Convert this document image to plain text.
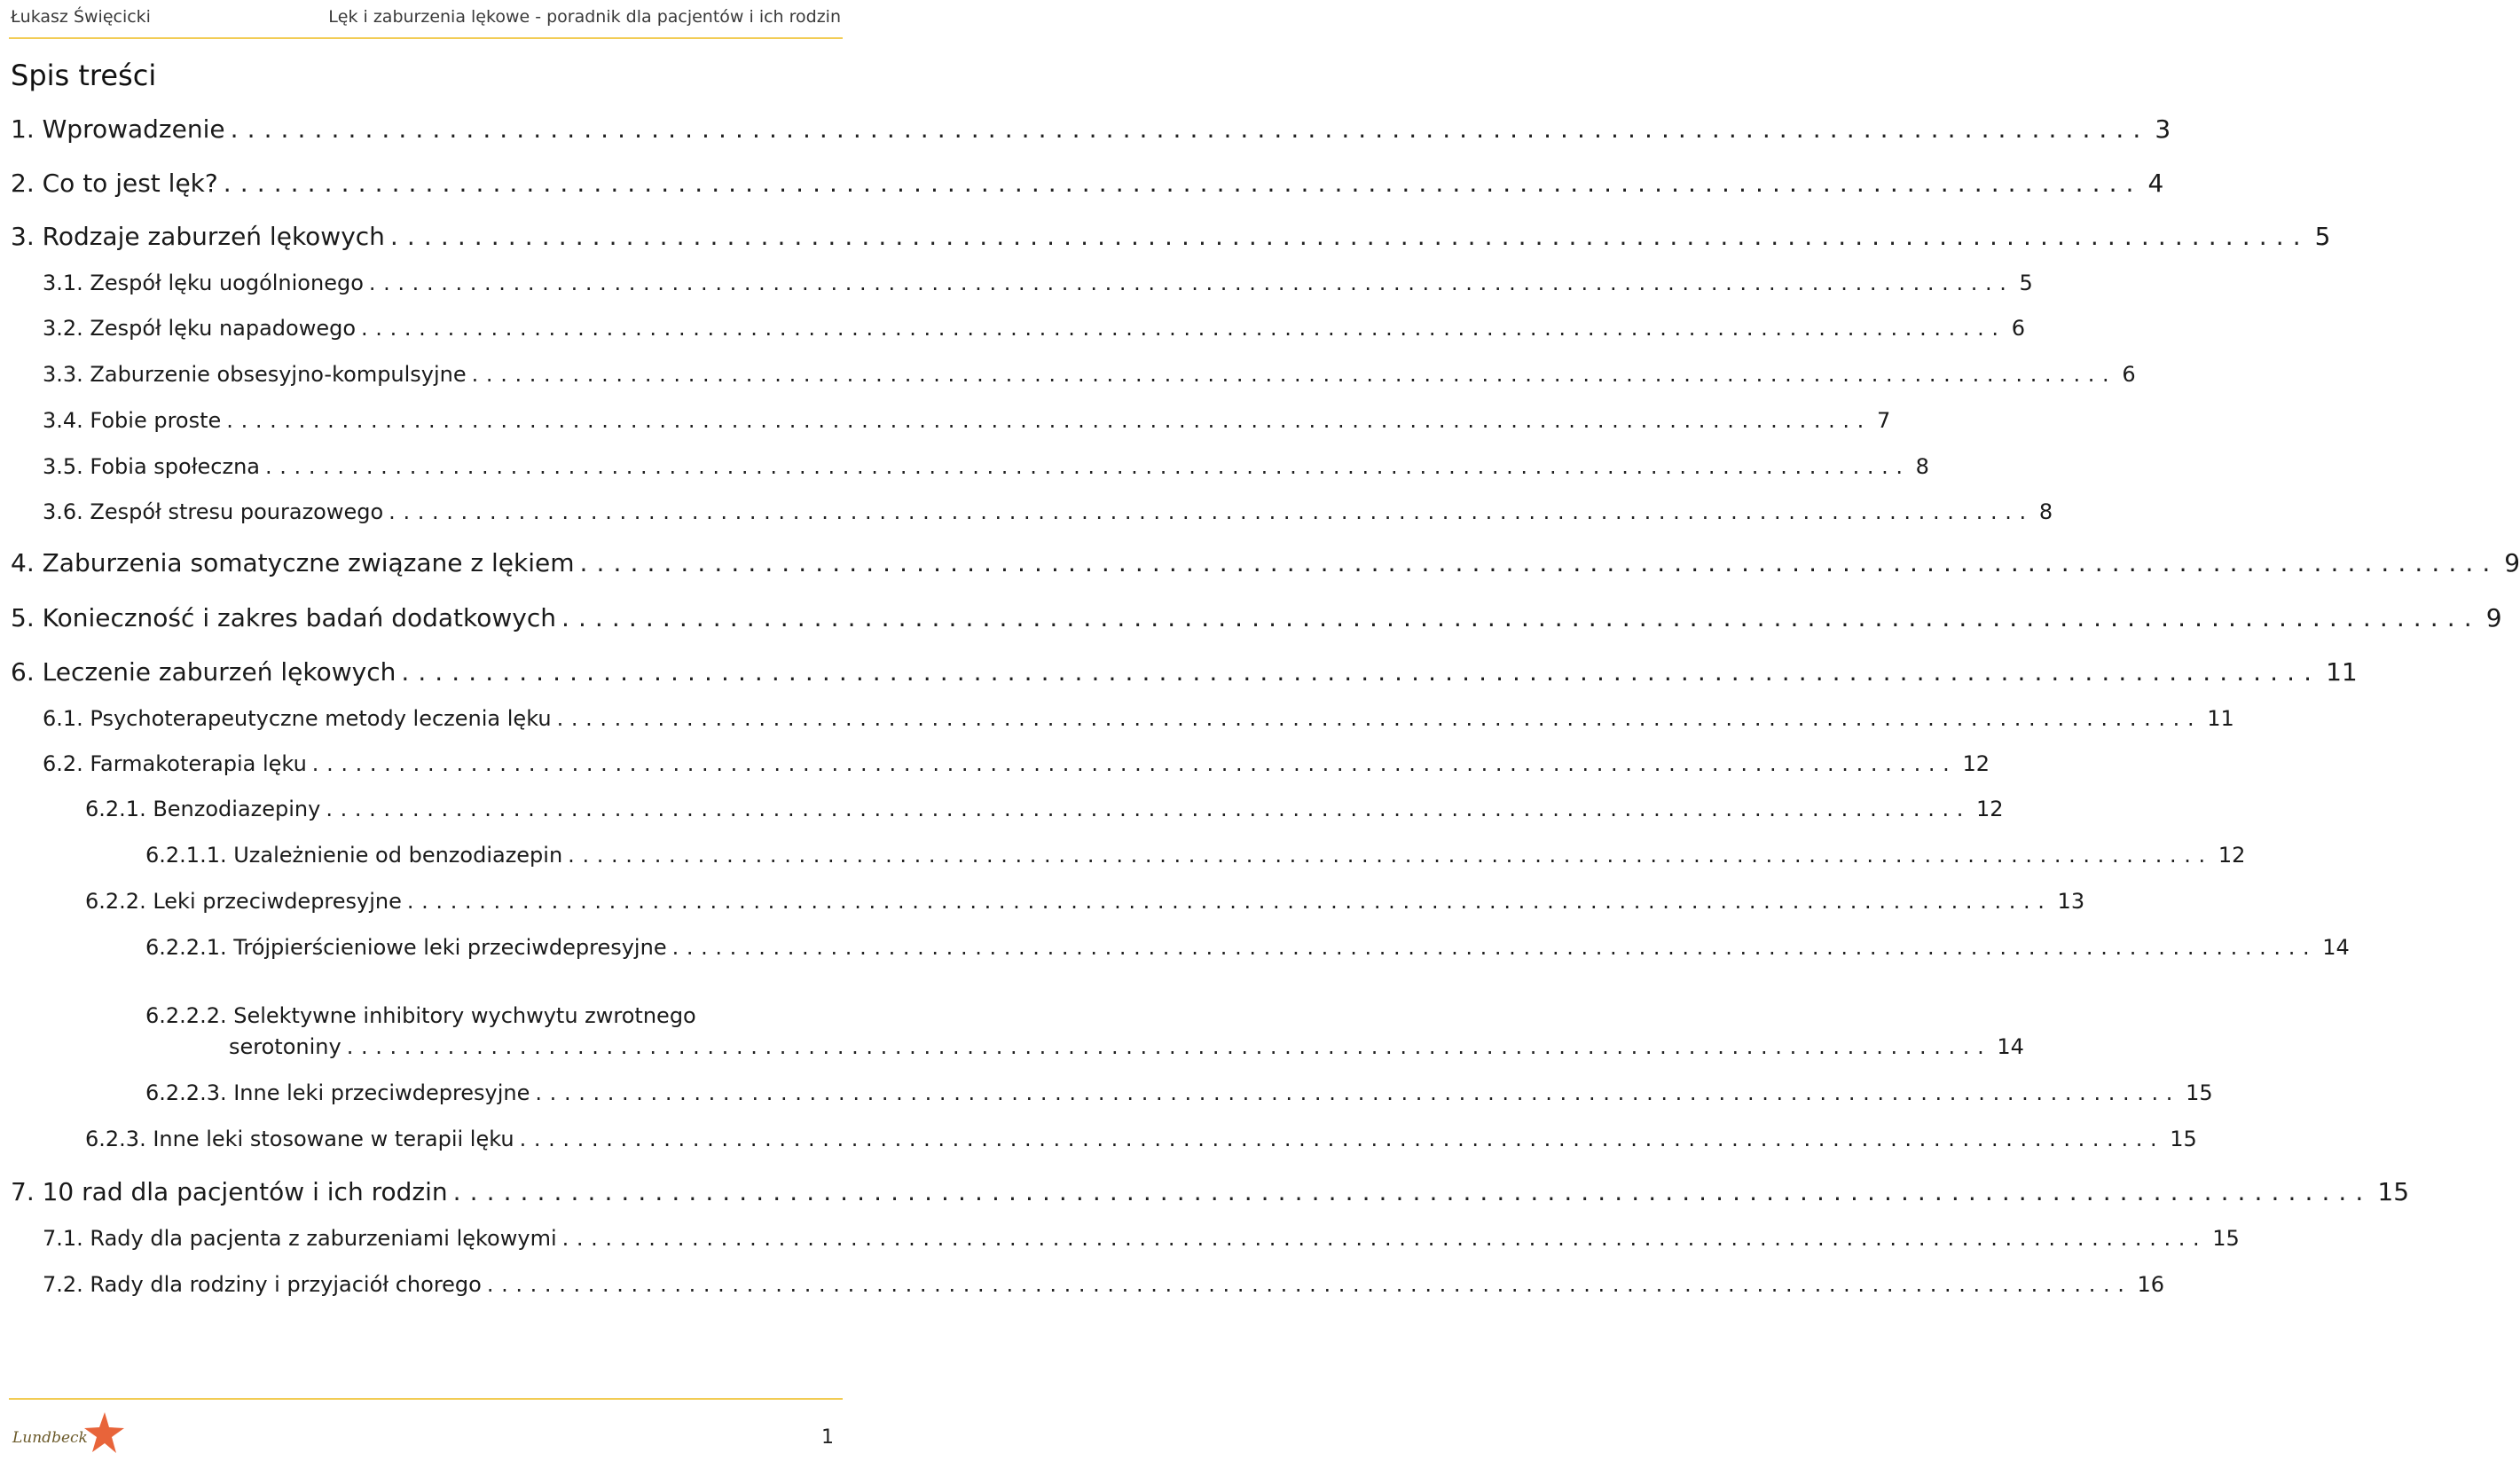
Łukasz Święcicki	Lęk i zaburzenia lękowe - poradnik dla pacjentów i ich rodzin
Spis treści
1. Wprowadzenie .................................................................................................................. 3
2. Co to jest lęk? .................................................................................................................. 4
3. Rodzaje zaburzeń lękowych .................................................................................................................. 5
3.1. Zespół lęku uogólnionego .................................................................................................................. 5
3.2. Zespół lęku napadowego .................................................................................................................. 6
3.3. Zaburzenie obsesyjno-kompulsyjne .................................................................................................................. 6
3.4. Fobie proste .................................................................................................................. 7
3.5. Fobia społeczna .................................................................................................................. 8
3.6. Zespół stresu pourazowego .................................................................................................................. 8
4. Zaburzenia somatyczne związane z lękiem .................................................................................................................. 9
5. Konieczność i zakres badań dodatkowych .................................................................................................................. 9
6. Leczenie zaburzeń lękowych .................................................................................................................. 11
6.1. Psychoterapeutyczne metody leczenia lęku .................................................................................................................. 11
6.2. Farmakoterapia lęku .................................................................................................................. 12
6.2.1. Benzodiazepiny .................................................................................................................. 12
6.2.1.1. Uzależnienie od benzodiazepin .................................................................................................................. 12
6.2.2. Leki przeciwdepresyjne .................................................................................................................. 13
6.2.2.1. Trójpierścieniowe leki przeciwdepresyjne .................................................................................................................. 14
6.2.2.2. Selektywne inhibitory wychwytu zwrotnego
serotoniny .................................................................................................................. 14
6.2.2.3. Inne leki przeciwdepresyjne .................................................................................................................. 15
6.2.3. Inne leki stosowane w terapii lęku .................................................................................................................. 15
7. 10 rad dla pacjentów i ich rodzin .................................................................................................................. 15
7.1. Rady dla pacjenta z zaburzeniami lękowymi .................................................................................................................. 15
7.2. Rady dla rodziny i przyjaciół chorego .................................................................................................................. 16
Lundbeck	1
